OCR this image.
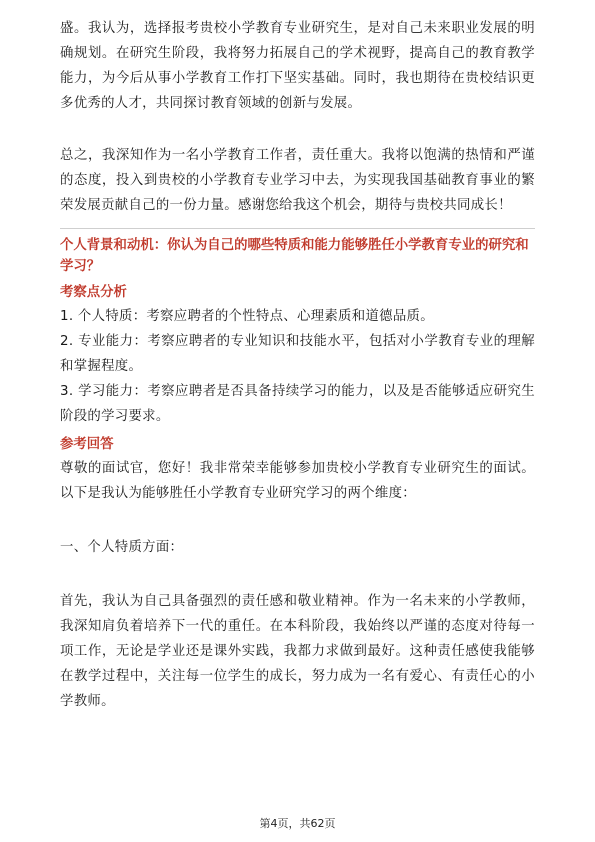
盛。我认为，选择报考贵校小学教育专业研究生，是对自己未来职业发展的明确规划。在研究生阶段，我将努力拓展自己的学术视野，提高自己的教育教学能力，为今后从事小学教育工作打下坚实基础。同时，我也期待在贵校结识更多优秀的人才，共同探讨教育领域的创新与发展。

总之，我深知作为一名小学教育工作者，责任重大。我将以饱满的热情和严谨的态度，投入到贵校的小学教育专业学习中去，为实现我国基础教育事业的繁荣发展贡献自己的一份力量。感谢您给我这个机会，期待与贵校共同成长！

个人背景和动机：你认为自己的哪些特质和能力能够胜任小学教育专业的研究和学习？

考察点分析

1. 个人特质：考察应聘者的个性特点、心理素质和道德品质。
2. 专业能力：考察应聘者的专业知识和技能水平，包括对小学教育专业的理解和掌握程度。
3. 学习能力：考察应聘者是否具备持续学习的能力，以及是否能够适应研究生阶段的学习要求。

参考回答

尊敬的面试官，您好！我非常荣幸能够参加贵校小学教育专业研究生的面试。以下是我认为能够胜任小学教育专业研究学习的两个维度：

一、个人特质方面：

首先，我认为自己具备强烈的责任感和敬业精神。作为一名未来的小学教师，我深知肩负着培养下一代的重任。在本科阶段，我始终以严谨的态度对待每一项工作，无论是学业还是课外实践，我都力求做到最好。这种责任感使我能够在教学过程中，关注每一位学生的成长，努力成为一名有爱心、有责任心的小学教师。

第4页，共62页
